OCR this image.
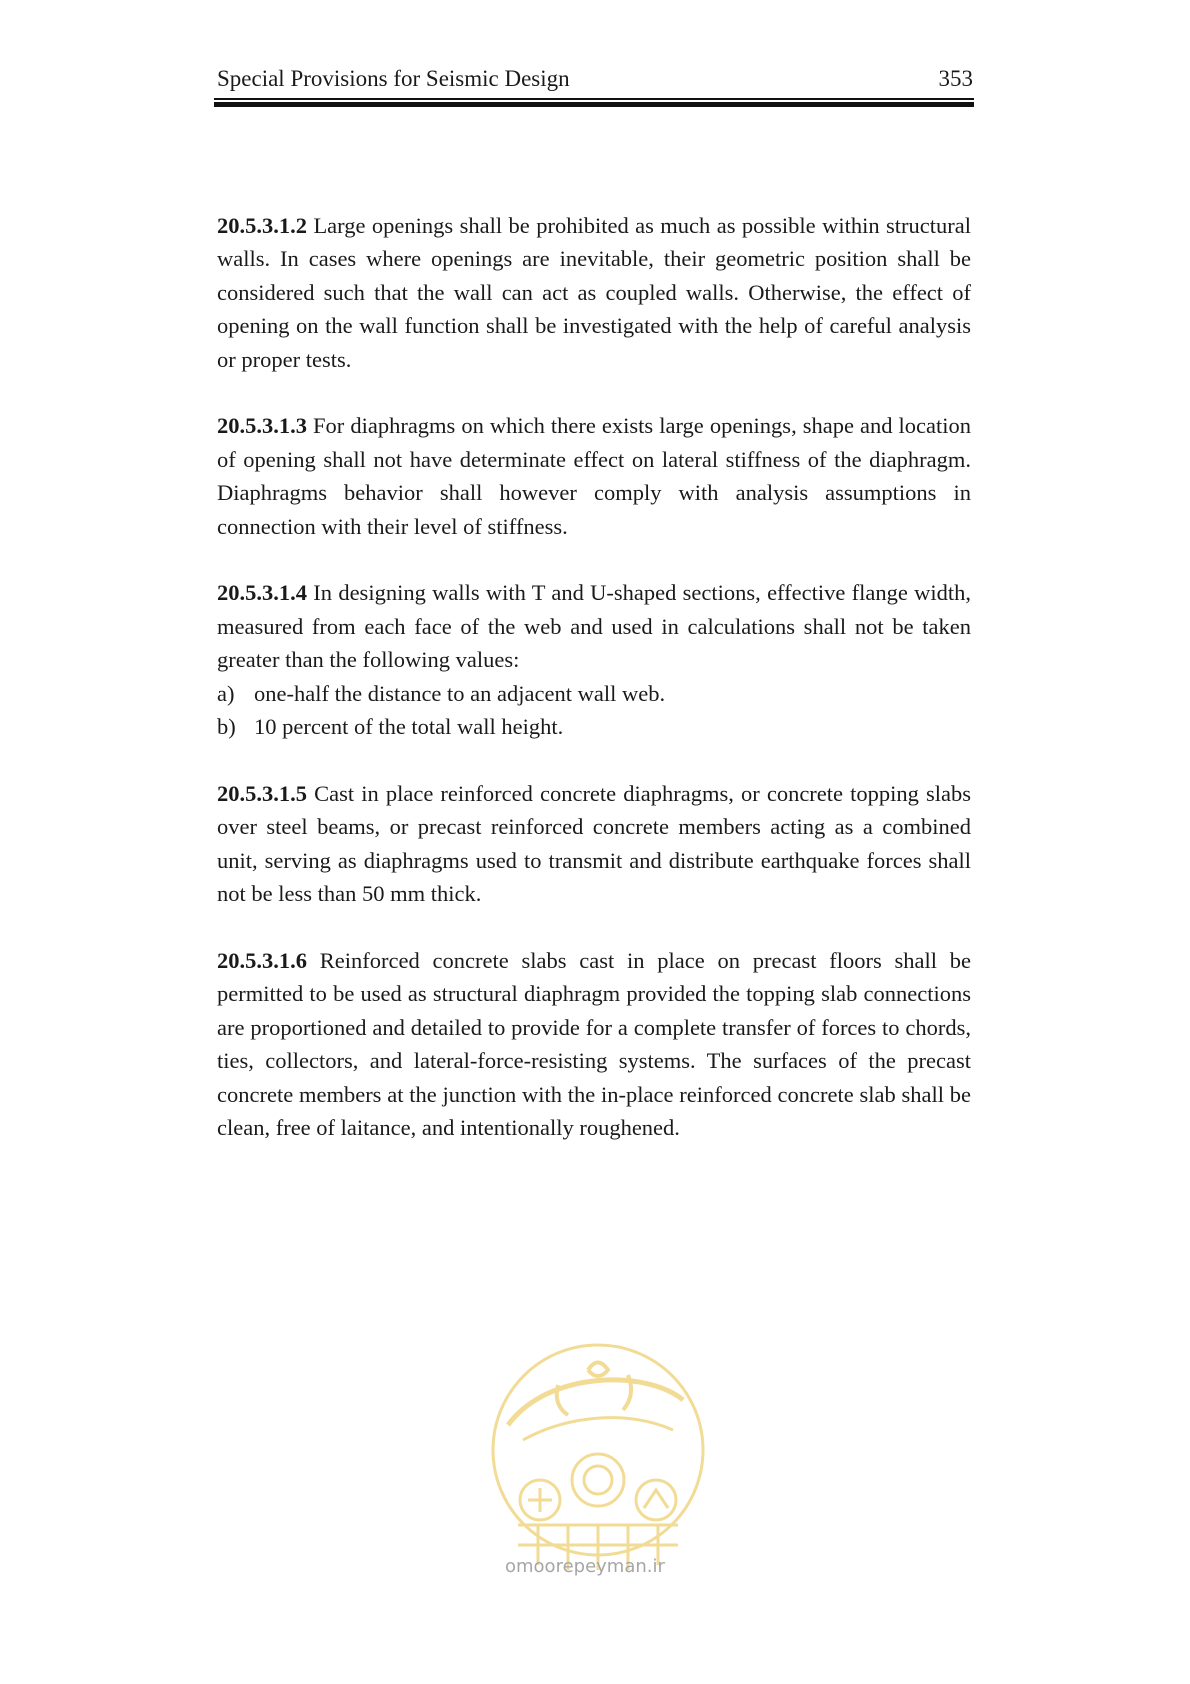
Special Provisions for Seismic Design	353

20.5.3.1.2 Large openings shall be prohibited as much as possible within structural walls. In cases where openings are inevitable, their geometric position shall be considered such that the wall can act as coupled walls. Otherwise, the effect of opening on the wall function shall be investigated with the help of careful analysis or proper tests.

20.5.3.1.3 For diaphragms on which there exists large openings, shape and location of opening shall not have determinate effect on lateral stiffness of the diaphragm. Diaphragms behavior shall however comply with analysis assumptions in connection with their level of stiffness.

20.5.3.1.4 In designing walls with T and U-shaped sections, effective flange width, measured from each face of the web and used in calculations shall not be taken greater than the following values:
a) one-half the distance to an adjacent wall web.
b) 10 percent of the total wall height.

20.5.3.1.5 Cast in place reinforced concrete diaphragms, or concrete topping slabs over steel beams, or precast reinforced concrete members acting as a combined unit, serving as diaphragms used to transmit and distribute earthquake forces shall not be less than 50 mm thick.

20.5.3.1.6 Reinforced concrete slabs cast in place on precast floors shall be permitted to be used as structural diaphragm provided the topping slab connections are proportioned and detailed to provide for a complete transfer of forces to chords, ties, collectors, and lateral-force-resisting systems. The surfaces of the precast concrete members at the junction with the in-place reinforced concrete slab shall be clean, free of laitance, and intentionally roughened.

omoorepeyman.ir
